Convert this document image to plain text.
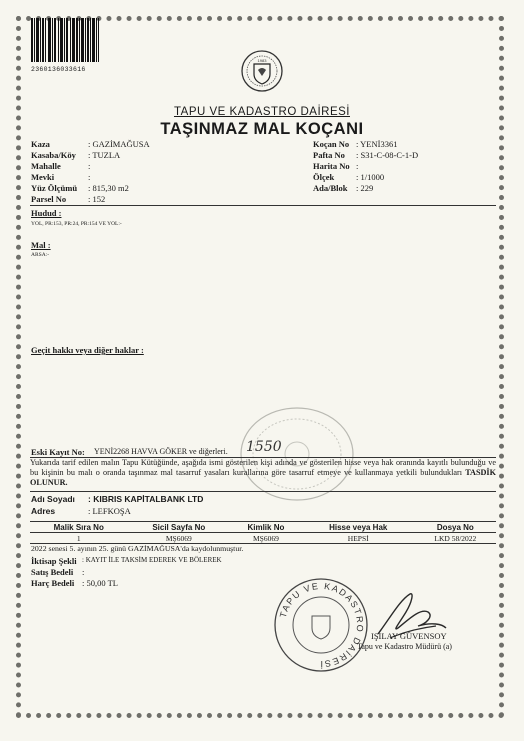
2360136033616
1983
TAPU VE KADASTRO DAİRESİ
TAŞINMAZ MAL KOÇANI
Kaza	: GAZİMAĞUSA
Kasaba/Köy : TUZLA
Mahalle	:
Mevki	:
Yüz Ölçümü : 815,30 m2
Parsel No	: 152
Koçan No : YENİ3361
Pafta No : S31-C-08-C-1-D
Harita No :
Ölçek	: 1/1000
Ada/Blok : 229
Hudud :
YOL, PR:153, PR:24, PR:154 VE YOL:-
Mal :
ARSA:-
Geçit hakkı veya diğer haklar :
Eski Kayıt No: YENİ2268 HAVVA GÖKER ve diğerleri. 1550
Yukarıda tarif edilen malın Tapu Kütüğünde, aşağıda ismi gösterilen kişi adında ve gösterilen hisse veya hak oranında kayıtlı bulunduğu ve bu kişinin bu malı o oranda taşınmaz mal tasarruf yasaları kurallarına göre tasarruf etmeye ve kullanmaya yetkili bulundukları TASDİK OLUNUR.
Adı Soyadı : KIBRIS KAPİTALBANK LTD
Adres	: LEFKOŞA
Malik Sıra No	Sicil Sayfa No	Kimlik No	Hisse veya Hak	Dosya No
1	MŞ6069	MŞ6069	HEPSİ	LKD 58/2022
2022 senesi 5. ayının 25. günü GAZİMAĞUSA'da kaydolunmuştur.
İktisap Şekli : KAYIT İLE TAKSİM EDEREK VE BÖLEREK
Satış Bedeli :
Harç Bedeli : 50,00 TL
TAPU VE KADASTRO DAİRESİ
IŞILAY GÜVENSOY
Tapu ve Kadastro Müdürü (a)
